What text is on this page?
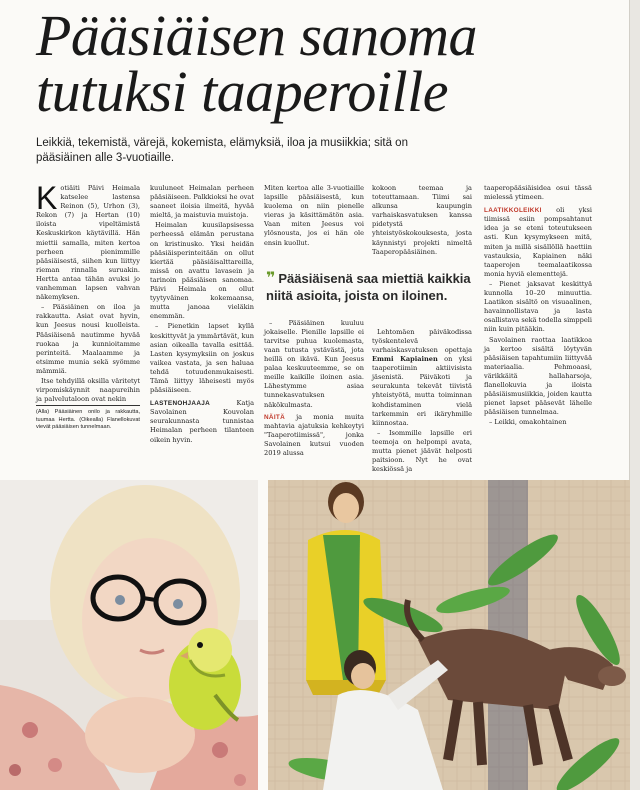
Pääsiäisen sanoma
tutuksi taaperoille

Leikkiä, tekemistä, värejä, kokemista, elämyksiä, iloa ja musiikkia; sitä on pääsiäinen alle 3-vuotiaille.

Kotiäiti Päivi Heimala katselee lastensa Reinon (5), Urhon (3), Rekon (7) ja Hertan (10) iloista vipeltämistä Keskuskirkon käytävillä. Hän miettii samalla, miten kertoa perheen pienimmille pääsiäisestä, siihen kun liittyy rieman rinnalla suruakin. Hertta antaa tähän avuksi jo vanhemman lapsen vahvan näkemyksen.

– Pääsiäinen on iloa ja rakkautta. Asiat ovat hyvin, kun Jeesus nousi kuolleista. Pääsiäisenä nautimme hyvää ruokaa ja kunnioitamme perinteitä. Maalaamme ja etsimme munia sekä syömme mämmiä.

Itse tehdyillä oksilla väritetyt virpomiskäynnit naapureihin ja palvelutaloon ovat nekin

(Alla) Pääsiäinen onilo ja rakkautta, tuumaa Hertta. (Oikealla) Flanellokuvat vievät pääsiäisen tunnelmaan.

kuuluneet Heimalan perheen pääsiäiseen. Palkkioksi he ovat saaneet iloisia ilmeitä, hyvää mieltä, ja maistuvia muistoja.

Heimalan kuusilapsisessa perheessä elämän perustana on kristinusko. Yksi heidän pääsiäisperinteitään on ollut kiertää pääsiäisalttareilla, missä on avattu lavasein ja tarinoin pääsiäisen sanomaa. Päivi Heimala on ollut tyytyväinen kokemaansa, mutta janoaa vieläkin enemmän.

– Pienetkin lapset kyllä keskittyvät ja ymmärtävät, kun asian oikealla tavalla esittää. Lasten kysymyksiin on joskus vaikea vastata, ja sen haluaa tehdä totuudenmukaisesti. Tämä liittyy läheisesti myös pääsiäiseen.

LASTENOHJAAJA	Katja Savolainen Kouvolan seurakunnasta tunnistaa Heimalan perheen tilanteen oikein hyvin.

Miten kertoa alle 3-vuotiaille lapsille pääsiäisestä, kun kuolema on niin pienelle vieras ja käsittämätön asia. Vaan miten Jeesus voi ylösnousta, jos ei hän ole ensin kuollut.

– Pääsiäinen kuuluu jokaiselle. Pienille lapsille ei tarvitse puhua kuolemasta, vaan tutusta ystävästä, jota heillä on ikävä. Kun Jeesus palaa keskuuteemme, se on meille kaikille iloinen asia. Lähestymme asiaa tunnekasvatuksen näkökulmasta.

NÄITÄ ja monia muita mahtavia ajatuksia kehkeytyi "Taaperotiimissä", jonka Savolainen kutsui vuoden 2019 alussa

kokoon teemaa ja toteuttamaan. Tiimi sai alkunsa kaupungin varhaiskasvatuksen kanssa pidetystä yhteistyöskokouksesta, josta käynnistyi projekti nimeltä Taaperopääsiäinen.

Lehtomäen päiväkodissa työskentelevä varhaiskasvatuksen opettaja Emmi Kapiainen on yksi taaperotiimin aktiivisista jäsenistä. Päiväkoti ja seurakunta tekevät tiivistä yhteistyötä, mutta toiminnan kohdistaminen vielä tarkemmin eri ikäryhmille kiinnostaa.

– Isommille lapsille eri teemoja on helpompi avata, mutta pienet jäävät helposti paitsioon. Nyt he ovat keskiössä ja

❞ Pääsiäisenä saa miettiä kaikkia niitä asioita, joista on iloinen.

taaperopääsiäisidea osui tässä mielessä ytimeen.

LAATIKKOLEIKKI oli yksi tiimissä esiin pompsahtanut idea ja se eteni toteutukseen asti. Kun kysymykseen mitä, miten ja millä sisällöllä haettiin vastauksia, Kapiainen näki taaperojen teemalaatikossa monia hyviä elementtejä.

– Pienet jaksavat keskittyä kunnolla 10–20 minuuttia. Laatikon sisältö on visuaalinen, havainnollistava ja lasta osallistava sekä todella simppeli niin kuin pitääkin.

Savolainen raottaa laatikkoa ja kertoo sisältä löytyvän pääsiäisen tapahtumiin liittyvää materiaalia. Pehmoaasi, värikkäitä hallaharsoja, flanellokuvia ja iloista pääsiäismusiikkia, joiden kautta pienet lapset pääsevät lähelle pääsiäisen tunnelmaa.

– Leikki, omakohtainen
